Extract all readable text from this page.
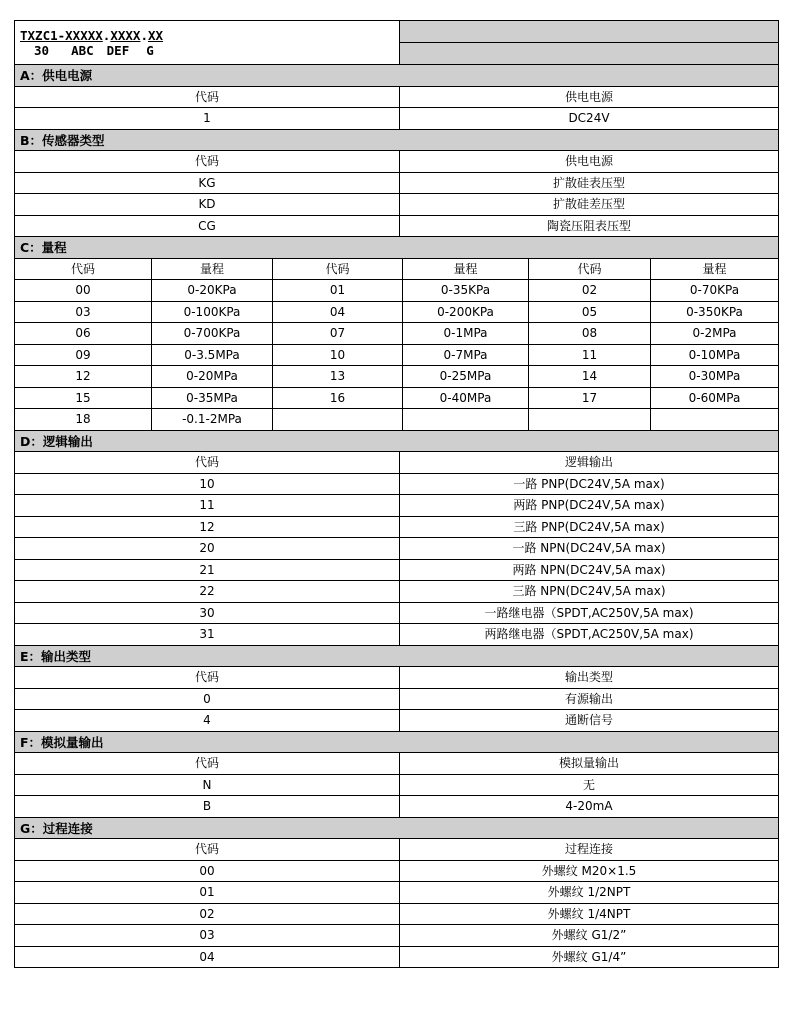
TXZC1-XXXXX.XXXX.XX
30 ABC DEF G
A：供电电源
代码	供电电源
1	DC24V
B：传感器类型
代码	供电电源
KG	扩散硅表压型
KD	扩散硅差压型
CG	陶瓷压阻表压型
C：量程
代码	量程	代码	量程	代码	量程
00	0-20KPa	01	0-35KPa	02	0-70KPa
03	0-100KPa	04	0-200KPa	05	0-350KPa
06	0-700KPa	07	0-1MPa	08	0-2MPa
09	0-3.5MPa	10	0-7MPa	11	0-10MPa
12	0-20MPa	13	0-25MPa	14	0-30MPa
15	0-35MPa	16	0-40MPa	17	0-60MPa
18	-0.1-2MPa
D：逻辑输出
代码	逻辑输出
10	一路 PNP(DC24V,5A max)
11	两路 PNP(DC24V,5A max)
12	三路 PNP(DC24V,5A max)
20	一路 NPN(DC24V,5A max)
21	两路 NPN(DC24V,5A max)
22	三路 NPN(DC24V,5A max)
30	一路继电器（SPDT,AC250V,5A max)
31	两路继电器（SPDT,AC250V,5A max)
E：输出类型
代码	输出类型
0	有源输出
4	通断信号
F：模拟量输出
代码	模拟量输出
N	无
B	4-20mA
G：过程连接
代码	过程连接
00	外螺纹 M20×1.5
01	外螺纹 1/2NPT
02	外螺纹 1/4NPT
03	外螺纹 G1/2”
04	外螺纹 G1/4”
